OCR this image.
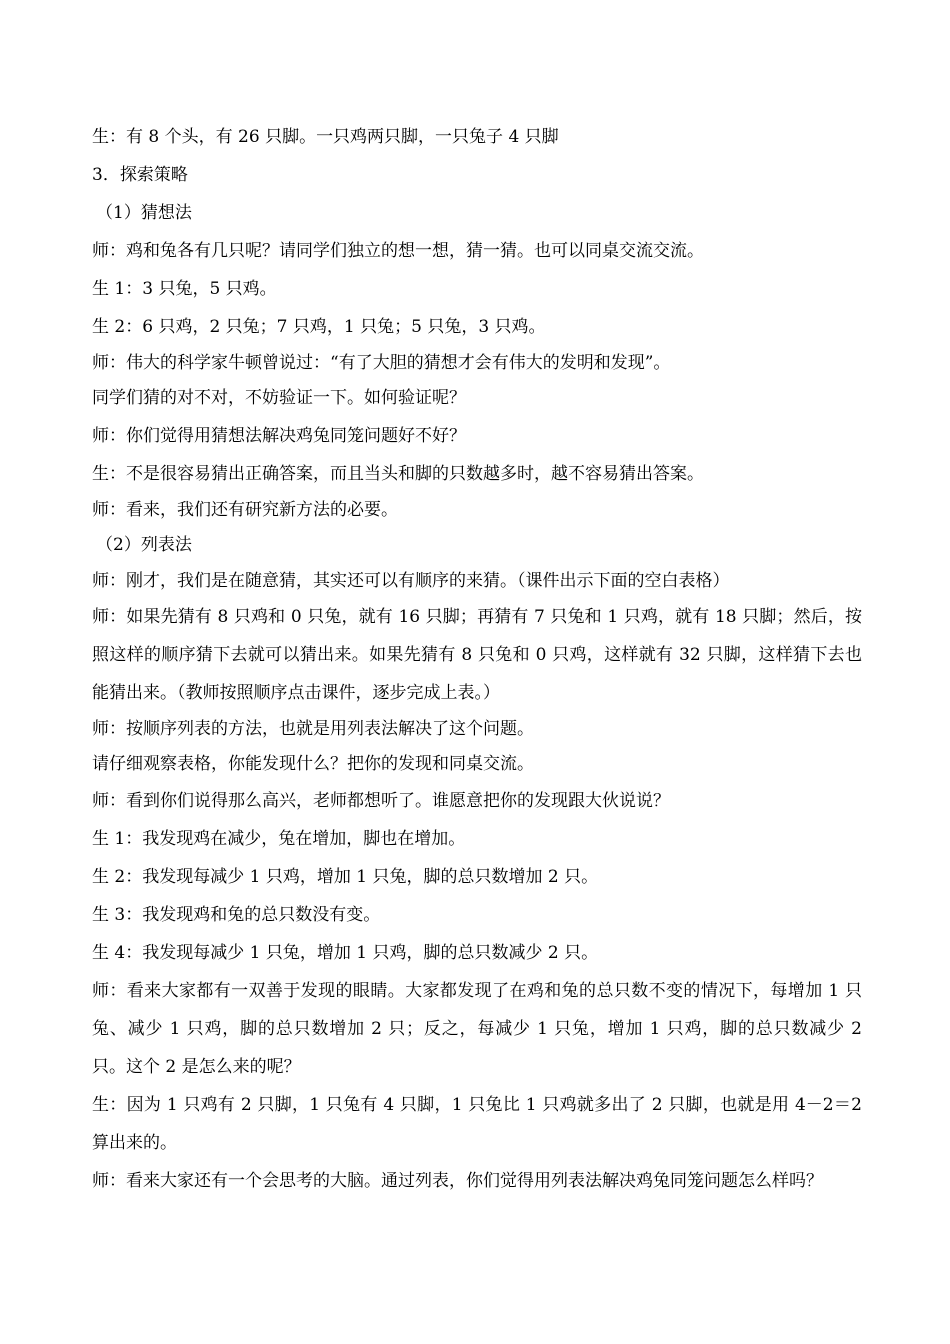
生：有 8 个头，有 26 只脚。一只鸡两只脚，一只兔子 4 只脚

3．探索策略

（1）猜想法

师：鸡和兔各有几只呢？请同学们独立的想一想，猜一猜。也可以同桌交流交流。

生 1：3 只兔，5 只鸡。

生 2：6 只鸡，2 只兔；7 只鸡，1 只兔；5 只兔，3 只鸡。

师：伟大的科学家牛顿曾说过：“有了大胆的猜想才会有伟大的发明和发现”。

同学们猜的对不对，不妨验证一下。如何验证呢？

师：你们觉得用猜想法解决鸡兔同笼问题好不好？

生：不是很容易猜出正确答案，而且当头和脚的只数越多时，越不容易猜出答案。

师：看来，我们还有研究新方法的必要。

（2）列表法

师：刚才，我们是在随意猜，其实还可以有顺序的来猜。（课件出示下面的空白表格）

师：如果先猜有 8 只鸡和 0 只兔，就有 16 只脚；再猜有 7 只兔和 1 只鸡，就有 18 只脚；然后，按照这样的顺序猜下去就可以猜出来。如果先猜有 8 只兔和 0 只鸡，这样就有 32 只脚，这样猜下去也能猜出来。（教师按照顺序点击课件，逐步完成上表。）

师：按顺序列表的方法，也就是用列表法解决了这个问题。

请仔细观察表格，你能发现什么？把你的发现和同桌交流。

师：看到你们说得那么高兴，老师都想听了。谁愿意把你的发现跟大伙说说？

生 1：我发现鸡在减少，兔在增加，脚也在增加。

生 2：我发现每减少 1 只鸡，增加 1 只兔，脚的总只数增加 2 只。

生 3：我发现鸡和兔的总只数没有变。

生 4：我发现每减少 1 只兔，增加 1 只鸡，脚的总只数减少 2 只。

师：看来大家都有一双善于发现的眼睛。大家都发现了在鸡和兔的总只数不变的情况下，每增加 1 只兔、减少 1 只鸡，脚的总只数增加 2 只；反之，每减少 1 只兔，增加 1 只鸡，脚的总只数减少 2 只。这个 2 是怎么来的呢？

生：因为 1 只鸡有 2 只脚，1 只兔有 4 只脚，1 只兔比 1 只鸡就多出了 2 只脚，也就是用 4－2＝2 算出来的。

师：看来大家还有一个会思考的大脑。通过列表，你们觉得用列表法解决鸡兔同笼问题怎么样吗？
